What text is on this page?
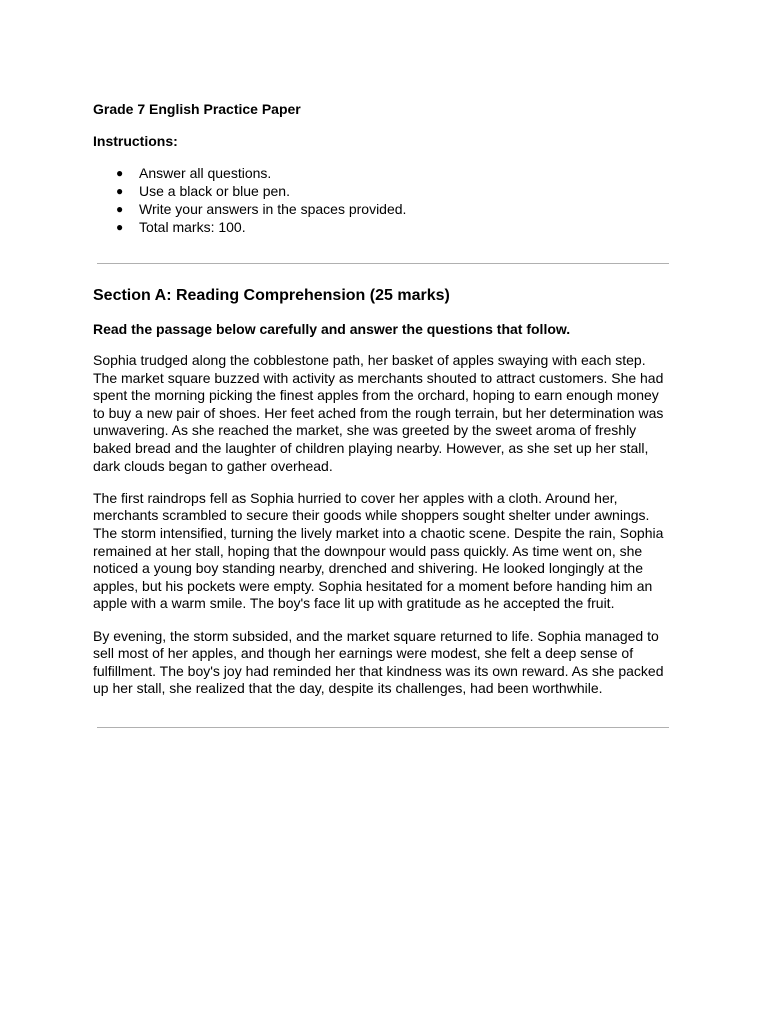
Grade 7 English Practice Paper

Instructions:

● Answer all questions.
● Use a black or blue pen.
● Write your answers in the spaces provided.
● Total marks: 100.
Section A: Reading Comprehension (25 marks)

Read the passage below carefully and answer the questions that follow.

Sophia trudged along the cobblestone path, her basket of apples swaying with each step. The market square buzzed with activity as merchants shouted to attract customers. She had spent the morning picking the finest apples from the orchard, hoping to earn enough money to buy a new pair of shoes. Her feet ached from the rough terrain, but her determination was unwavering. As she reached the market, she was greeted by the sweet aroma of freshly baked bread and the laughter of children playing nearby. However, as she set up her stall, dark clouds began to gather overhead.

The first raindrops fell as Sophia hurried to cover her apples with a cloth. Around her, merchants scrambled to secure their goods while shoppers sought shelter under awnings. The storm intensified, turning the lively market into a chaotic scene. Despite the rain, Sophia remained at her stall, hoping that the downpour would pass quickly. As time went on, she noticed a young boy standing nearby, drenched and shivering. He looked longingly at the apples, but his pockets were empty. Sophia hesitated for a moment before handing him an apple with a warm smile. The boy's face lit up with gratitude as he accepted the fruit.

By evening, the storm subsided, and the market square returned to life. Sophia managed to sell most of her apples, and though her earnings were modest, she felt a deep sense of fulfillment. The boy's joy had reminded her that kindness was its own reward. As she packed up her stall, she realized that the day, despite its challenges, had been worthwhile.
